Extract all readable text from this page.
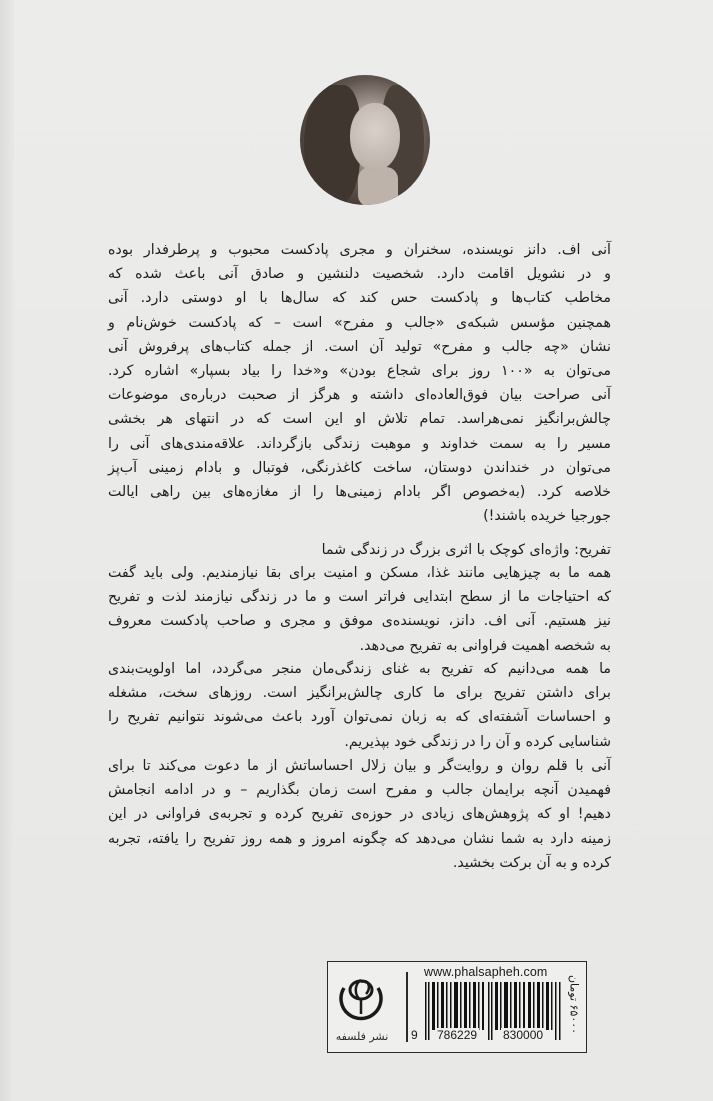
آنی اف. دانز نویسنده، سخنران و مجری پادکست محبوب و پرطرفدار بوده
و در نشویل اقامت دارد. شخصیت دلنشین و صادق آنی باعث شده که
مخاطب کتاب‌ها و پادکست حس کند که سال‌ها با او دوستی دارد. آنی
همچنین مؤسس شبکه‌ی «جالب و مفرح» است – که پادکست خوش‌نام و
نشان «چه جالب و مفرح» تولید آن است. از جمله کتاب‌های پرفروش آنی
می‌توان به «۱۰۰ روز برای شجاع بودن» و«خدا را بیاد بسپار» اشاره کرد.
آنی صراحت بیان فوق‌العاده‌ای داشته و هرگز از صحبت درباره‌ی موضوعات
چالش‌برانگیز نمی‌هراسد. تمام تلاش او این است که در انتهای هر بخشی
مسیر را به سمت خداوند و موهبت زندگی بازگرداند. علاقه‌مندی‌های آنی را
می‌توان در خنداندن دوستان، ساخت کاغذرنگی، فوتبال و بادام زمینی آب‌پز
خلاصه کرد. (به‌خصوص اگر بادام زمینی‌ها را از مغازه‌های بین راهی ایالت
جورجیا خریده باشند!)
تفریح: واژه‌ای کوچک با اثری بزرگ در زندگی شما
همه ما به چیزهایی مانند غذا، مسکن و امنیت برای بقا نیازمندیم. ولی باید گفت
که احتیاجات ما از سطح ابتدایی فراتر است و ما در زندگی نیازمند لذت و تفریح
نیز هستیم. آنی اف. دانز، نویسنده‌ی موفق و مجری و صاحب پادکست معروف
به شخصه اهمیت فراوانی به تفریح می‌دهد.
ما همه می‌دانیم که تفریح به غنای زندگی‌مان منجر می‌گردد، اما اولویت‌بندی
برای داشتن تفریح برای ما کاری چالش‌برانگیز است. روزهای سخت، مشغله
و احساسات آشفته‌ای که به زبان نمی‌توان آورد باعث می‌شوند نتوانیم تفریح را
شناسایی کرده و آن را در زندگی خود بپذیریم.
آنی با قلم روان و روایت‌گر و بیان زلال احساساتش از ما دعوت می‌کند تا برای
فهمیدن آنچه برایمان جالب و مفرح است زمان بگذاریم – و در ادامه انجامش
دهیم! او که پژوهش‌های زیادی در حوزه‌ی تفریح کرده و تجربه‌ی فراوانی در این
زمینه دارد به شما نشان می‌دهد که چگونه امروز و همه روز تفریح را یافته، تجربه
کرده و به آن برکت بخشید.
نشر فلسفه
www.phalsapheh.com
9 786229 830000
۶۵۰۰۰ تومان
